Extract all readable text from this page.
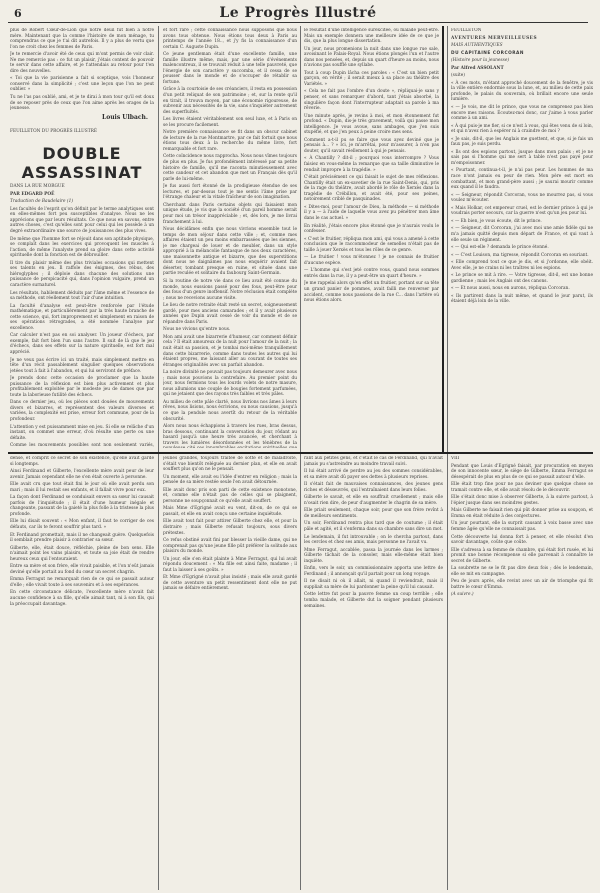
6	Le Progrès Illustré

plus de Robert Cœur-de-Lion que notre deuil fut bien à notre mère. Maintenant que la comme l'histoire de mon ménage, tu comprendras ce que je t'ai dit autrefois. Il y a plus de vertu que l'on ne croit chez les femmes de Paris.

Je te remercie d'avoir été de ceux qui m'ont permis de voir clair. Ne me remercie pas : ce fut un plaisir, j'étais content de pouvoir te servir dans cette affaire, et je t'attendais au retour pour t'en dire des nouvelles.

« Toi que la vie parisienne a fait si sceptique, vois l'honneur conservé dans la simplicité ; c'est une leçon que l'on ne peut oublier. »

Tu ne l'as pas oublié, ami, et je te dirai à mon tour qu'il est doux de se reposer près de ceux que l'on aime après les orages de la jeunesse.

Louis Ulbach.

FEUILLETON DU PROGRÈS ILLUSTRÉ

DOUBLE ASSASSINAT

DANS LA RUE MORGUE

PAR EDGARD POË

Traduction de Baudelaire (1)

Les facultés de l'esprit qu'on définit par le terme analytiques sont en elles-mêmes fort peu susceptibles d'analyse. Nous ne les apprécions que par leurs résultats. Ce que nous en savons, entre autres choses, c'est qu'elles sont pour celui qui les possède à un degré extraordinaire une source de jouissances des plus vives.

De même que l'homme fort se réjouit dans son aptitude physique, se complaît dans les exercices qui provoquent les muscles à l'action, de même l'analyste prend sa gloire dans cette activité spirituelle dont la fonction est de débrouiller.

Il tire du plaisir même des plus triviales occasions qui mettent ses talents en jeu. Il raffole des énigmes, des rébus, des hiéroglyphes ; il déploie dans chacune des solutions une puissance de perspicacité qui, dans l'opinion vulgaire, prend un caractère surnaturel.

Les résultats, habilement déduits par l'âme même et l'essence de sa méthode, ont réellement tout l'air d'une intuition.

La faculté d'analyse est peut-être renforcée par l'étude mathématique, et particulièrement par la très haute branche de cette science, qui, fort improprement et simplement en raison de ses opérations rétrogrades, a été nommée l'analyse par excellence.

Car calculer n'est pas en soi analyser. Un joueur d'échecs, par exemple, fait fort bien l'un sans l'autre. Il suit de là que le jeu d'échecs, dans ses effets sur la nature spirituelle, est fort mal apprécié.

Je ne veux pas écrire ici un traité, mais simplement mettre en tête d'un récit passablement singulier quelques observations jetées tout à fait à l'abandon, et qui lui serviront de préface.

Je prends donc cette occasion de proclamer que la haute puissance de la réflexion est bien plus activement et plus profitablement exploitée par le modeste jeu de dames que par toute la laborieuse futilité des échecs.

Dans ce dernier jeu, où les pièces sont douées de mouvements divers et bizarres, et représentent des valeurs diverses et variées, la complexité est prise, erreur fort commune, pour de la profondeur.

L'attention y est puissamment mise en jeu. Si elle se relâche d'un instant, on commet une erreur, d'où résulte une perte ou une défaite.

Comme les mouvements possibles sont non seulement variés,

et fort rare ; cette connaissance nous supposons que nous avons tous obtenue. Nous étions tous deux à Paris au printemps de l'année 18.., et j'y fis la connaissance d'un certain C. Auguste Dupin.

Ce jeune gentleman était d'une excellente famille, une famille illustre même, mais, par une série d'événements malencontreux, il se trouvait réduit à une telle pauvreté, que l'énergie de son caractère y succomba, et il cessa de se pousser dans le monde et de s'occuper de rétablir sa fortune.

Grâce à la courtoisie de ses créanciers, il resta en possession d'un petit reliquat de son patrimoine ; et, sur la rente qu'il en tirait, il trouva moyen, par une économie rigoureuse, de subvenir aux nécessités de la vie, sans s'inquiéter autrement des superfluités.

Les livres étaient véritablement son seul luxe, et à Paris on se les procure facilement.

Notre première connaissance se fit dans un obscur cabinet de lecture de la rue Montmartre, par ce fait fortuit que nous étions tous deux à la recherche du même livre, fort remarquable et fort rare.

Cette coïncidence nous rapprocha. Nous nous vîmes toujours de plus en plus. Je fus profondément intéressé par sa petite histoire de famille, qu'il me raconta minutieusement avec cette candeur et cet abandon que met un Français dès qu'il parle de lui-même.

Je fus aussi fort étonné de la prodigieuse étendue de ses lectures, et par-dessus tout je me sentis l'âme prise par l'étrange chaleur et la vitale fraîcheur de son imagination.

Cherchant dans Paris certains objets qui faisaient mon unique étude, je vis que la société d'un pareil homme serait pour moi un trésor inappréciable ; et, dès lors, je me livrai franchement à lui.

Nous décidâmes enfin que nous vivrions ensemble tout le temps de mon séjour dans cette ville ; et, comme mes affaires étaient un peu moins embarrassées que les siennes, je me chargeai de louer et de meubler, dans un style approprié à la mélancolie fantasque de nos deux caractères, une maisonnette antique et bizarre, que des superstitions dont nous ne daignâmes pas nous enquérir avaient fait déserter, tombant presque en ruine, et située dans une partie reculée et solitaire du faubourg Saint-Germain.

Si la routine de notre vie dans ce lieu avait été connue du monde, nous eussions passé pour des fous, peut-être pour des fous d'un genre inoffensif. Notre réclusion était complète ; nous ne recevions aucune visite.

Le lieu de notre retraite était resté un secret, soigneusement gardé, pour mes anciens camarades ; et il y avait plusieurs années que Dupin avait cessé de voir du monde et de se répandre dans Paris.

Nous ne vivions qu'entre nous.

Mon ami avait une bizarrerie d'humeur, car comment définir cela ? Il était amoureux de la nuit pour l'amour de la nuit ; la nuit était sa passion, et je tombai moi-même tranquillement dans cette bizarrerie, comme dans toutes les autres qui lui étaient propres, me laissant aller au courant de toutes ses étranges originalités avec un parfait abandon.

La noire divinité ne pouvait pas toujours demeurer avec nous ; mais nous pouvions la contrefaire. Au premier point du jour, nous fermions tous les lourds volets de notre masure, nous allumions une couple de bougies fortement parfumées, qui ne jetaient que des rayons très faibles et très pâles.

Au milieu de cette pâle clarté, nous livrions nos âmes à leurs rêves, nous lisions, nous écrivions, ou nous causions, jusqu'à ce que la pendule nous avertît du retour de la véritable obscurité.

Alors nous nous échappions à travers les rues, bras dessus, bras dessous, continuant la conversation du jour, rôdant au hasard jusqu'à une heure très avancée, et cherchant à travers les lumières désordonnées et les ténèbres de la

le résultat d'une intelligence surexcitée, ou malade peut-être. Mais un exemple donnera une meilleure idée de ce que je dis, que la plus longue dissertation.

Un jour, nous promenions la nuit dans une longue rue sale, avoisinant le Palais-Royal. Nous étions plongés l'un et l'autre dans nos pensées, et, depuis un quart d'heure au moins, nous n'avions pas soufflé une syllabe.

Tout à coup Dupin lâcha ces paroles : « C'est un bien petit garçon, en vérité ; il serait mieux à sa place au théâtre des Variétés. »

« Cela ne fait pas l'ombre d'un doute », répliquai-je sans y penser, et sans remarquer d'abord, tant j'étais absorbé, la singulière façon dont l'interrupteur adaptait sa parole à ma rêverie.

Une minute après, je revins à moi, et mon étonnement fut profond. « Dupin, dis-je très gravement, voilà qui passe mon intelligence. Je vous avoue, sans ambages, que j'en suis stupéfié, et que j'en peux à peine croire mes sens.

Comment a-t-il pu se faire que vous ayez deviné que je pensais à... ? » Ici, je m'arrêtai, pour m'assurer, à n'en pas douter, qu'il savait réellement à qui je pensais.

« À Chantilly ? dit-il ; pourquoi vous interrompre ? Vous faisiez en vous-même la remarque que sa taille diminutive le rendait impropre à la tragédie. »

C'était précisément ce qui faisait le sujet de mes réflexions. Chantilly était un ex-savetier de la rue Saint-Denis, qui, pris de la rage du théâtre, avait abordé le rôle de Xerxès dans la tragédie de Crébillon, et avait été, pour ses peines, notoirement criblé de pasquinades.

« Dites-moi, pour l'amour de Dieu, la méthode — si méthode il y a — à l'aide de laquelle vous avez pu pénétrer mon âme dans le cas actuel. »

En réalité, j'étais encore plus étonné que je n'aurais voulu le confesser.

« C'est le fruitier, répliqua mon ami, qui vous a amené à cette conclusion que le raccommodeur de semelles n'était pas de taille à jouer Xerxès et tous les rôles de ce genre.

— Le fruitier ! vous m'étonnez ! je ne connais de fruitier d'aucune espèce.

— L'homme qui s'est jeté contre vous, quand nous sommes entrés dans la rue, il y a peut-être un quart d'heure. »

Je me rappelai alors qu'en effet un fruitier, portant sur sa tête un grand panier de pommes, avait failli me renverser par accident, comme nous passions de la rue C... dans l'artère où nous étions alors.

FEUILLETON

AVENTURES MERVEILLEUSES

MAIS AUTHENTIQUES

DU CAPITAINE CORCORAN

(Histoire pour la jeunesse)

Par Alfred ASSOLANT

(suite)

« À ces mots, m'étant approché doucement de la fenêtre, je vis la ville entière endormie sous la lune, et, au milieu de cette paix profonde, le palais du souverain, où brillait encore une seule lumière.

« — Je vois, me dit le prince, que vous ne comprenez pas bien encore mes raisons. Écoutez-moi donc, car j'aime à vous parler comme à un ami.

« À qui puis-je me fier, si ce n'est à vous, qui êtes venu de si loin, et qui n'avez rien à espérer ni à craindre de moi ?

« Je sais, dit-il, que les Anglais me guettent, et que, si je fais un faux pas, je suis perdu.

« Ils ont des espions partout, jusque dans mon palais ; et je ne sais pas si l'homme qui me sert à table n'est pas payé pour m'empoisonner.

« Pourtant, continua-t-il, je n'ai pas peur. Les hommes de ma race n'ont jamais eu peur de rien. Mon père est mort en combattant, et mon grand-père aussi ; je saurai mourir comme eux quand il le faudra.

« — Seigneur, répondit Corcoran, vous ne mourrez pas, si vous voulez m'écouter.

« Mais Holkar, cet empereur cruel, est le dernier prince à qui je voudrais porter secours, car la guerre n'est qu'un jeu pour lui.

« — Eh bien, je vous écoute, dit le prince.

« — Seigneur, dit Corcoran, j'ai avec moi une amie fidèle qui ne m'a jamais quitté depuis mon départ de France, et qui vaut à elle seule un régiment.

« — Qui est-elle ? demanda le prince étonné.

« — C'est Louison, ma tigresse, répondit Corcoran en souriant.

« Elle comprend tout ce que je dis, et si j'ordonne, elle obéit. Avec elle, je ne crains ni les traîtres ni les espions.

« Le prince se mit à rire. — Votre tigresse, dit-il, est une bonne gardienne ; mais les Anglais ont des canons.

« — Et nous aussi, nous en aurons, répliqua Corcoran.

« Ils partirent dans la nuit même, et quand le jour parut, ils étaient déjà loin de la ville.

dense, et comprit ce secret de son existence, qu'elle avait gardé si longtemps.

Ainsi Ferdinand et Gilberte, l'excellente mère avait peur de leur avenir. Jamais cependant elle ne s'en était ouverte à personne.

Elle avait cru que tout était fini le jour où elle avait perdu son mari ; mais il lui restait ses enfants, et il fallait vivre pour eux.

La façon dont Ferdinand se conduisait envers sa sœur lui causait parfois de l'inquiétude ; il était d'une humeur inégale et changeante, passant de la gaieté la plus folle à la tristesse la plus profonde.

Elle lui disait souvent : « Mon enfant, il faut te corriger de ces défauts, car ils te feront souffrir plus tard. »

Et Ferdinand promettait, mais il ne changeait guère. Quelquefois il semblait prendre plaisir à contrarier sa sœur.

Gilberte, elle, était douce, réfléchie, pleine de bon sens. Elle n'aimait point les vains plaisirs, et toute sa joie était de rendre heureux ceux qui l'entouraient.

Entre sa mère et son frère, elle vivait paisible, et l'on n'eût jamais deviné qu'elle portait au fond du cœur un secret chagrin.

Emma Ferragut ne remarquait rien de ce qui se passait autour d'elle ; elle vivait toute à ses souvenirs et à ses espérances.

En cette circonstance délicate, l'excellente mère n'avait fait aucune confidence à sa fille, qu'elle aimait tant, ni à son fils, qui la préoccupait davantage.

jeunes grandes, toujours traitée de sotte et de maladroite, s'était vue bientôt reléguée au dernier plan, et elle en avait souffert plus qu'on ne le pensait.

Un moment, elle avait eu l'idée d'entrer en religion ; mais la pensée de sa mère restée seule l'en avait détournée.

Elle avait donc pris son parti de cette existence monotone, et, comme elle n'était pas de celles qui se plaignent, personne ne soupçonnait ce qu'elle avait souffert.

Mais Mme d'Egrigné avait eu vent, dit-on, de ce qui se passait, et elle en avait conçu une certaine inquiétude.

Elle avait tout fait pour attirer Gilberte chez elle, et pour la distraire ; mais Gilberte refusait toujours, sous divers prétextes.

Ce refus obstiné avait fini par blesser la vieille dame, qui ne comprenait pas qu'une jeune fille pût préférer la solitude aux plaisirs du monde.

Un jour, elle s'en était plainte à Mme Ferragut, qui lui avait répondu doucement : « Ma fille est ainsi faite, madame ; il faut la laisser à ses goûts. »

Et Mme d'Egrigné n'avait plus insisté ; mais elle avait gardé de cette aventure un petit ressentiment dont elle ne put jamais se défaire entièrement.

rant aux petites gens, et c'était le cas de Ferdinand, qui n'avait jamais pu s'astreindre au moindre travail suivi.

Il lui était arrivé de perdre au jeu des sommes considérables, et sa mère avait dû payer ses dettes à plusieurs reprises.

Il s'était fait de mauvaises connaissances, des jeunes gens riches et désœuvrés, qui l'entraînaient dans leurs folies.

Gilberte le savait, et elle en souffrait cruellement ; mais elle n'osait rien dire, de peur d'augmenter le chagrin de sa mère.

Elle priait seulement, chaque soir, pour que son frère revînt à de meilleurs sentiments.

Un soir, Ferdinand rentra plus tard que de coutume ; il était pâle et agité, et il s'enferma dans sa chambre sans dire un mot.

Le lendemain, il fut introuvable ; on le chercha partout, dans les cercles et chez ses amis, mais personne ne l'avait vu.

Mme Ferragut, accablée, passa la journée dans les larmes ; Gilberte tâchait de la consoler, mais elle-même était bien inquiète.

Enfin, vers le soir, un commissionnaire apporta une lettre de Ferdinand ; il annonçait qu'il partait pour un long voyage.

Il ne disait ni où il allait, ni quand il reviendrait, mais il suppliait sa mère de lui pardonner la peine qu'il lui causait.

Cette lettre fut pour la pauvre femme un coup terrible ; elle tomba malade, et Gilberte dut la soigner pendant plusieurs semaines.

VIII

Pendant que Louis d'Egrigné faisait, par procuration en moyen de son innocente sœur, le siège de Gilberte, Emma Ferragut se désespérait de plus en plus de ce qui se passait autour d'elle.

Elle était trop fine pour ne pas deviner que quelque chose se tramait contre elle, et elle avait résolu de le découvrir.

Elle s'était donc mise à observer Gilberte, à la suivre partout, à l'épier jusque dans ses moindres gestes.

Mais Gilberte ne faisait rien qui pût donner prise au soupçon, et Emma en était réduite à des conjectures.

Un jour pourtant, elle la surprit causant à voix basse avec une femme âgée qu'elle ne connaissait pas.

Cette découverte lui donna fort à penser, et elle résolut d'en savoir davantage, coûte que coûte.

Elle s'adressa à sa femme de chambre, qui était fort rusée, et lui promit une bonne récompense si elle parvenait à connaître le secret de Gilberte.

La soubrette ne se le fit pas dire deux fois ; dès le lendemain, elle se mit en campagne.

Peu de jours après, elle revint avec un air de triomphe qui fit battre le cœur d'Emma.

(A suivre.)
